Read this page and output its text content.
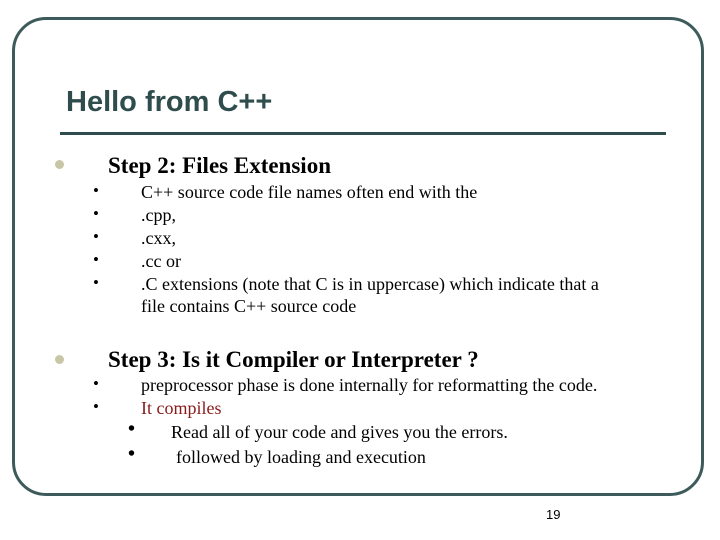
Hello from C++
Step 2: Files Extension
• C++ source code file names often end with the
• .cpp,
• .cxx,
• .cc or
• .C extensions (note that C is in uppercase) which indicate that a
file contains C++ source code
Step 3: Is it Compiler or Interpreter ?
• preprocessor phase is done internally for reformatting the code.
• It compiles
• Read all of your code and gives you the errors.
• followed by loading and execution
19
